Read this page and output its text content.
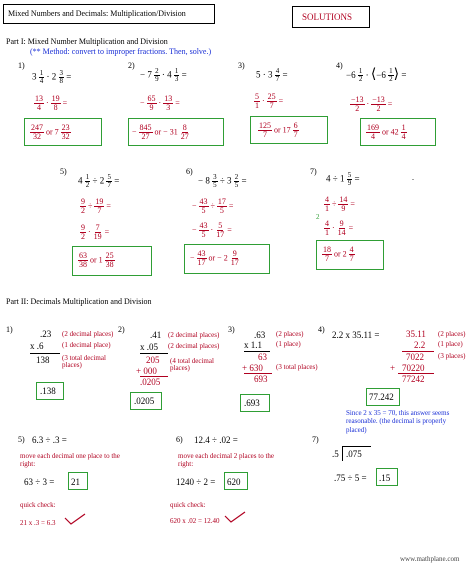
Mixed Numbers and Decimals: Multiplication/Division	SOLUTIONS
Part I: Mixed Number Multiplication and Division
(** Method: convert to improper fractions. Then, solve.)
1)
$3 \frac{1}{4} \cdot 2 \frac{3}{8}$ =
$\frac{13}{4} \cdot \frac{19}{8}$ =
$\frac{247}{32}$ or $7 \frac{23}{32}$
2)
− $7 \frac{2}{9} \cdot 4 \frac{1}{3}$ =
− $\frac{65}{9} \cdot \frac{13}{3}$ =
− $\frac{845}{27}$ or − $31 \frac{8}{27}$
3)
$5 \cdot 3 \frac{4}{7}$ =
$\frac{5}{1} \cdot \frac{25}{7}$ =
$\frac{125}{7}$ or $17 \frac{6}{7}$
4)
$-6 \frac{1}{2}$ · ⟨−6 $\frac{1}{2}$ ⟩ =
$\frac{-13}{2} \cdot \frac{-13}{2}$ =
$\frac{169}{4}$ or $42 \frac{1}{4}$
5)
$4 \frac{1}{2} \div 2 \frac{5}{7}$ =
$\frac{9}{2} \div \frac{19}{7}$ =
$\frac{9}{2} \cdot \frac{7}{19}$ =
$\frac{63}{38}$ or $1 \frac{25}{38}$
6)
− $8 \frac{3}{5} \div 3 \frac{2}{5}$ =
− $\frac{43}{5} \div \frac{17}{5}$ =
− $\frac{43}{5} \cdot \frac{5}{17}$ =
− $\frac{43}{17}$ or − $2 \frac{9}{17}$
7)
$4 \div 1 \frac{5}{9}$ =
$\frac{4}{1} \div \frac{14}{9}$ =
2
$\frac{4}{1} \cdot \frac{9}{14}$ =
$\frac{18}{7}$ or $2 \frac{4}{7}$
.
Part II: Decimals Multiplication and Division
1)	.23
x .6
138
(2 decimal places)
(1 decimal place)
(3 total decimal places)
.138
2)
.41
x .05
205
+ 000
.0205
(2 decimal places)
(2 decimal places)
(4 total decimal places)
.0205
3)
.63
x 1.1
63
+ 630
693
(2 places)
(1 place)
(3 total places)
.693
4)
2.2 x 35.11 =	35.11
2.2
7022
+ 70220
77242
(2 places)
(1 place)
(3 places)
77.242
Since 2 x 35 = 70, this answer seems reasonable. (the decimal is properly placed)
5) 6.3 ÷ .3 =
move each decimal one place to the right:
63 ÷ 3 = 21
quick check:
21 x .3 = 6.3
6) 12.4 ÷ .02 =
move each decimal 2 places to the right:
1240 ÷ 2 = 620
quick check:
620 x .02 = 12.40
7)
.5 .075
.75 ÷ 5 = .15
www.mathplane.com
